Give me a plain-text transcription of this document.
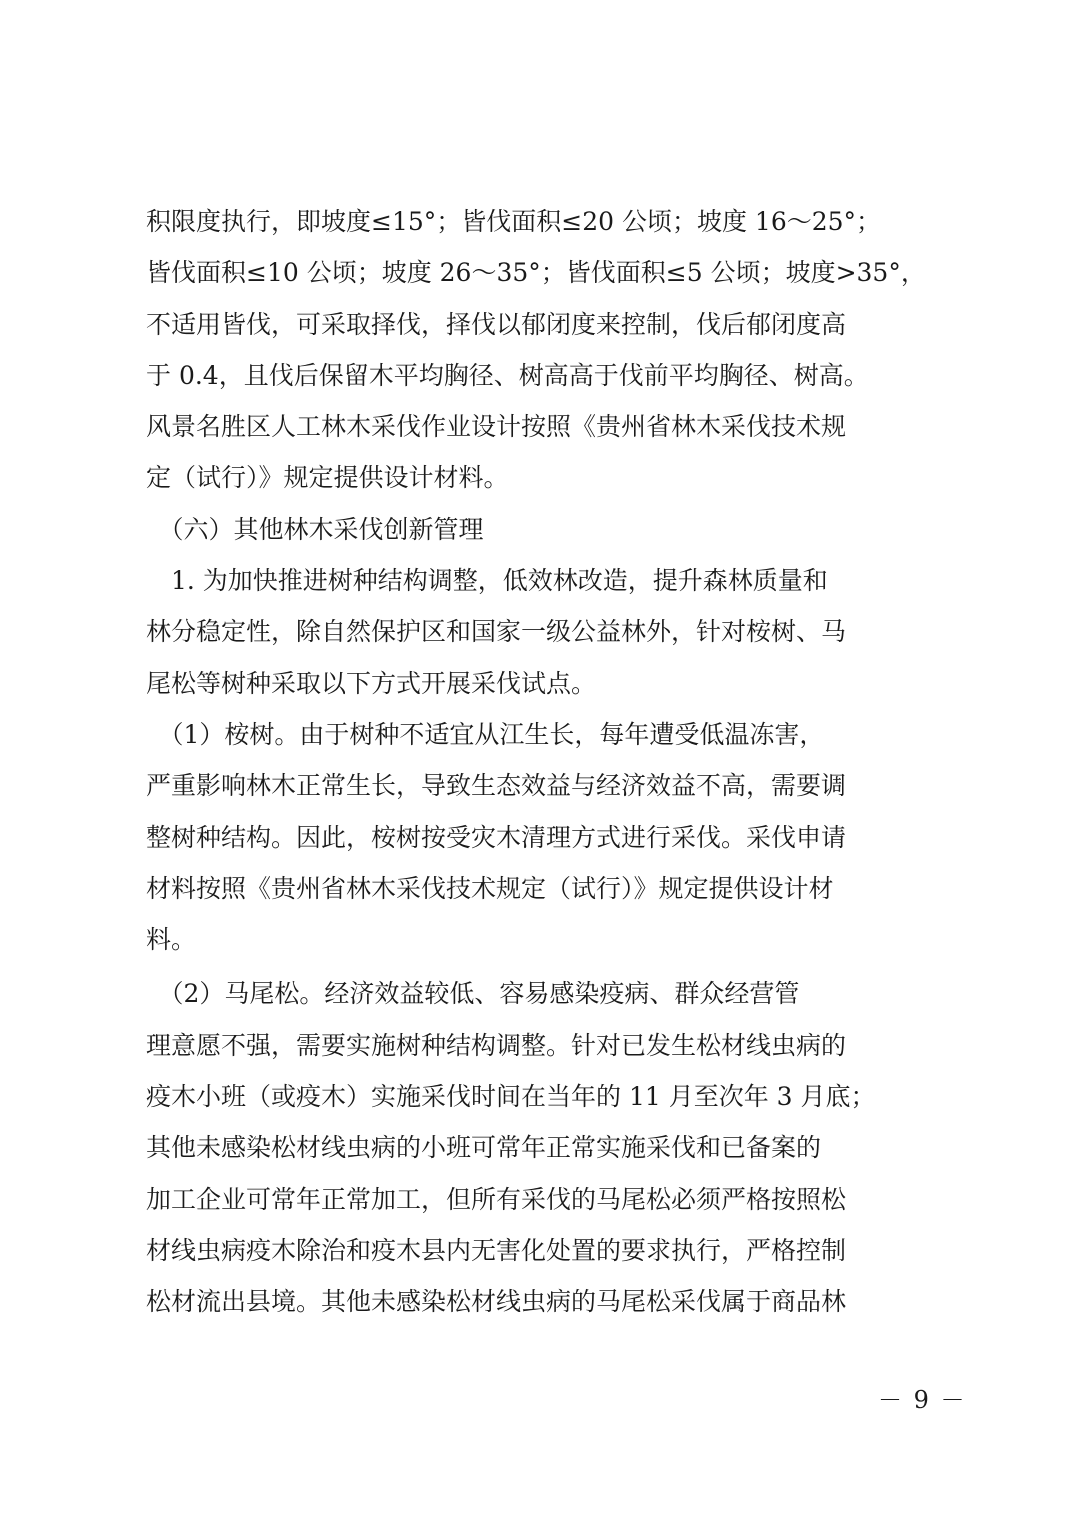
积限度执行，即坡度≤15°；皆伐面积≤20 公顷；坡度 16～25°；
皆伐面积≤10 公顷；坡度 26～35°；皆伐面积≤5 公顷；坡度>35°，
不适用皆伐，可采取择伐，择伐以郁闭度来控制，伐后郁闭度高
于 0.4，且伐后保留木平均胸径、树高高于伐前平均胸径、树高。
风景名胜区人工林木采伐作业设计按照《贵州省林木采伐技术规
定（试行）》规定提供设计材料。
　（六）其他林木采伐创新管理
　1. 为加快推进树种结构调整，低效林改造，提升森林质量和
林分稳定性，除自然保护区和国家一级公益林外，针对桉树、马
尾松等树种采取以下方式开展采伐试点。
　（1）桉树。由于树种不适宜从江生长，每年遭受低温冻害，
严重影响林木正常生长，导致生态效益与经济效益不高，需要调
整树种结构。因此，桉树按受灾木清理方式进行采伐。采伐申请
材料按照《贵州省林木采伐技术规定（试行）》规定提供设计材
料。
　（2）马尾松。经济效益较低、容易感染疫病、群众经营管
理意愿不强，需要实施树种结构调整。针对已发生松材线虫病的
疫木小班（或疫木）实施采伐时间在当年的 11 月至次年 3 月底；
其他未感染松材线虫病的小班可常年正常实施采伐和已备案的
加工企业可常年正常加工，但所有采伐的马尾松必须严格按照松
材线虫病疫木除治和疫木县内无害化处置的要求执行，严格控制
松材流出县境。其他未感染松材线虫病的马尾松采伐属于商品林
－ 9 －
